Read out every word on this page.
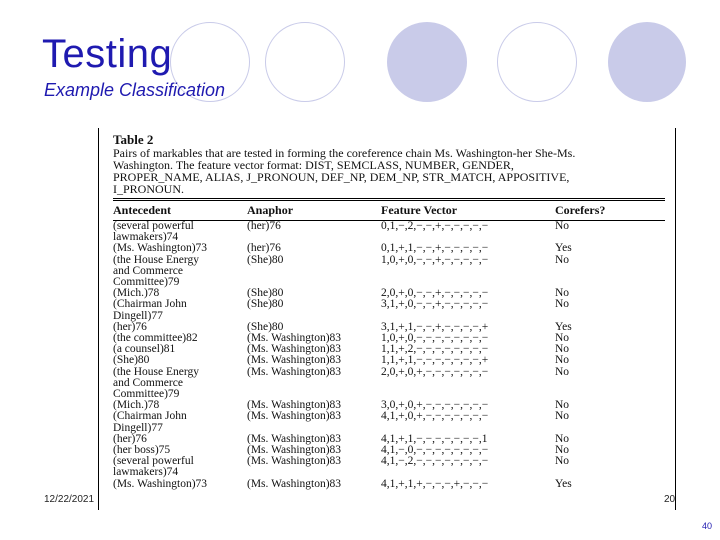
Testing
Example Classification
Table 2
Pairs of markables that are tested in forming the coreference chain Ms. Washington-her She-Ms.
Washington. The feature vector format: DIST, SEMCLASS, NUMBER, GENDER,
PROPER_NAME, ALIAS, J_PRONOUN, DEF_NP, DEM_NP, STR_MATCH, APPOSITIVE,
I_PRONOUN.
Antecedent	Anaphor	Feature Vector	Corefers?
(several powerful	(her)76	0,1,−,2,−,−,+,−,−,−,−,−	No
lawmakers)74
(Ms. Washington)73	(her)76	0,1,+,1,−,−,+,−,−,−,−,−	Yes
(the House Energy	(She)80	1,0,+,0,−,−,+,−,−,−,−,−	No
and Commerce
Committee)79
(Mich.)78	(She)80	2,0,+,0,−,−,+,−,−,−,−,−	No
(Chairman John	(She)80	3,1,+,0,−,−,+,−,−,−,−,−	No
Dingell)77
(her)76	(She)80	3,1,+,1,−,−,+,−,−,−,−,+	Yes
(the committee)82	(Ms. Washington)83	1,0,+,0,−,−,−,−,−,−,−,−	No
(a counsel)81	(Ms. Washington)83	1,1,+,2,−,−,−,−,−,−,−,−	No
(She)80	(Ms. Washington)83	1,1,+,1,−,−,−,−,−,−,−,+	No
(the House Energy	(Ms. Washington)83	2,0,+,0,+,−,−,−,−,−,−,−	No
and Commerce
Committee)79
(Mich.)78	(Ms. Washington)83	3,0,+,0,+,−,−,−,−,−,−,−	No
(Chairman John	(Ms. Washington)83	4,1,+,0,+,−,−,−,−,−,−,−	No
Dingell)77
(her)76	(Ms. Washington)83	4,1,+,1,−,−,−,−,−,−,−,1	No
(her boss)75	(Ms. Washington)83	4,1,−,0,−,−,−,−,−,−,−,−	No
(several powerful	(Ms. Washington)83	4,1,−,2,−,−,−,−,−,−,−,−	No
lawmakers)74
(Ms. Washington)73	(Ms. Washington)83	4,1,+,1,+,−,−,−,+,−,−,−	Yes
12/22/2021	20
40
